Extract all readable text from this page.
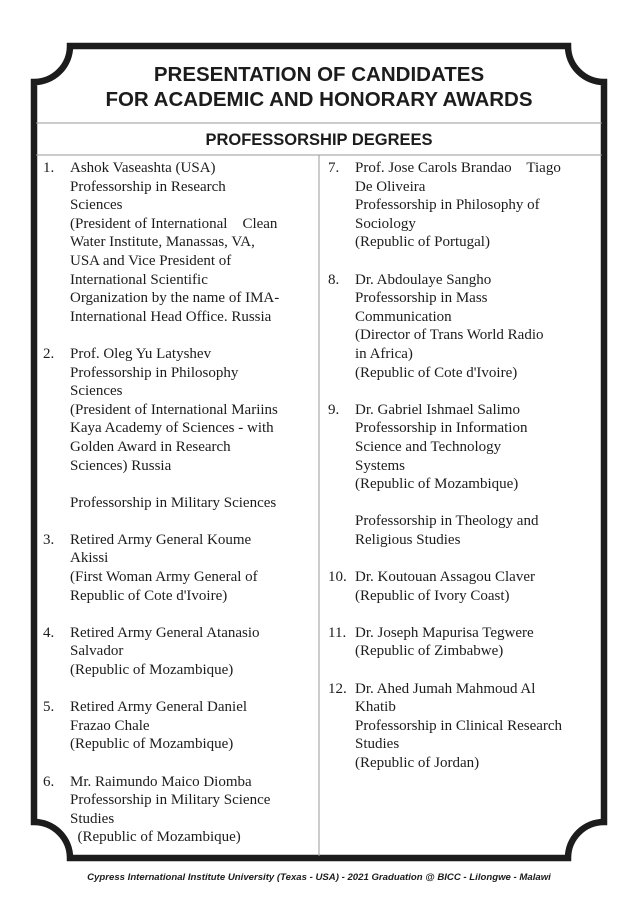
PRESENTATION OF CANDIDATES
FOR ACADEMIC AND HONORARY AWARDS
PROFESSORSHIP DEGREES
1.	Ashok Vaseashta (USA)
Professorship in Research
Sciences
(President of International    Clean
Water Institute, Manassas, VA,
USA and Vice President of
International Scientific
Organization by the name of IMA-
International Head Office. Russia
2.	Prof. Oleg Yu Latyshev
Professorship in Philosophy
Sciences
(President of International Mariins
Kaya Academy of Sciences - with
Golden Award in Research
Sciences) Russia

Professorship in Military Sciences
3.	Retired Army General Koume
Akissi
(First Woman Army General of
Republic of Cote d'Ivoire)
4.	Retired Army General Atanasio
Salvador
(Republic of Mozambique)
5.	Retired Army General Daniel
Frazao Chale
(Republic of Mozambique)
6.	Mr. Raimundo Maico Diomba
Professorship in Military Science
Studies
(Republic of Mozambique)
7.	Prof. Jose Carols Brandao    Tiago
De Oliveira
Professorship in Philosophy of
Sociology
(Republic of Portugal)
8.	Dr. Abdoulaye Sangho
Professorship in Mass
Communication
(Director of Trans World Radio
in Africa)
(Republic of Cote d'Ivoire)
9.	Dr. Gabriel Ishmael Salimo
Professorship in Information
Science and Technology
Systems
(Republic of Mozambique)

Professorship in Theology and
Religious Studies
10. Dr. Koutouan Assagou Claver
(Republic of Ivory Coast)
11. Dr. Joseph Mapurisa Tegwere
(Republic of Zimbabwe)
12. Dr. Ahed Jumah Mahmoud Al
Khatib
Professorship in Clinical Research
Studies
(Republic of Jordan)
Cypress International Institute University (Texas - USA) - 2021 Graduation @ BICC - Lilongwe - Malawi
